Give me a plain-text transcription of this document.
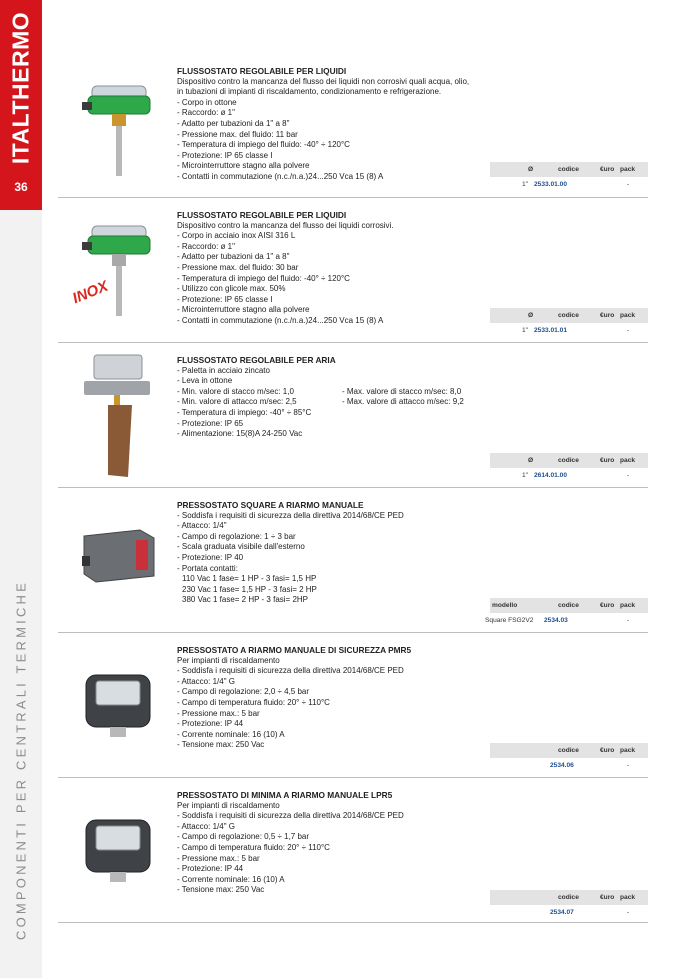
ITALTHERMO
36
COMPONENTI PER CENTRALI TERMICHE
FLUSSOSTATO REGOLABILE PER LIQUIDI
Dispositivo contro la mancanza del flusso dei liquidi non corrosivi quali acqua, olio,
in tubazioni di impianti di riscaldamento, condizionamento e refrigerazione.
- Corpo in ottone
- Raccordo: ø 1"
- Adatto per tubazioni da 1" a 8"
- Pressione max. del fluido: 11 bar
- Temperatura di impiego del fluido: -40° ÷ 120°C
- Protezione: IP 65 classe I
- Microinterruttore stagno alla polvere
- Contatti in commutazione (n.c./n.a.)24...250 Vca 15 (8) A
Ø	codice	€uro pack
1" 2533.01.00	-
INOX
FLUSSOSTATO REGOLABILE PER LIQUIDI
Dispositivo contro la mancanza del flusso dei liquidi corrosivi.
- Corpo in acciaio inox AISI 316 L
- Raccordo: ø 1"
- Adatto per tubazioni da 1" a 8"
- Pressione max. del fluido: 30 bar
- Temperatura di impiego del fluido: -40° ÷ 120°C
- Utilizzo con glicole max. 50%
- Protezione: IP 65 classe I
- Microinterruttore stagno alla polvere
- Contatti in commutazione (n.c./n.a.)24...250 Vca 15 (8) A
Ø	codice	€uro pack
1" 2533.01.01	-
FLUSSOSTATO REGOLABILE PER ARIA
- Paletta in acciaio zincato
- Leva in ottone
- Min. valore di stacco m/sec: 1,0	- Max. valore di stacco m/sec: 8,0
- Min. valore di attacco m/sec: 2,5	- Max. valore di attacco m/sec: 9,2
- Temperatura di impiego: -40° ÷ 85°C
- Protezione: IP 65
- Alimentazione: 15(8)A 24-250 Vac
Ø	codice	€uro pack
1" 2614.01.00	-
PRESSOSTATO SQUARE A RIARMO MANUALE
- Soddisfa i requisiti di sicurezza della direttiva 2014/68/CE PED
- Attacco: 1/4"
- Campo di regolazione: 1 ÷ 3 bar
- Scala graduata visibile dall'esterno
- Protezione: IP 40
- Portata contatti:
110 Vac 1 fase= 1 HP - 3 fasi= 1,5 HP
230 Vac 1 fase= 1,5 HP - 3 fasi= 2 HP
380 Vac 1 fase= 2 HP - 3 fasi= 2HP
modello	codice	€uro pack
Square FSG2V2 2534.03	-
PRESSOSTATO A RIARMO MANUALE DI SICUREZZA PMR5
Per impianti di riscaldamento
- Soddisfa i requisiti di sicurezza della direttiva 2014/68/CE PED
- Attacco: 1/4" G
- Campo di regolazione: 2,0 ÷ 4,5 bar
- Campo di temperatura fluido: 20° ÷ 110°C
- Pressione max.: 5 bar
- Protezione: IP 44
- Corrente nominale: 16 (10) A
- Tensione max: 250 Vac
codice	€uro pack
2534.06	-
PRESSOSTATO DI MINIMA A RIARMO MANUALE LPR5
Per impianti di riscaldamento
- Soddisfa i requisiti di sicurezza della direttiva 2014/68/CE PED
- Attacco: 1/4" G
- Campo di regolazione: 0,5 ÷ 1,7 bar
- Campo di temperatura fluido: 20° ÷ 110°C
- Pressione max.: 5 bar
- Protezione: IP 44
- Corrente nominale: 16 (10) A
- Tensione max: 250 Vac
codice	€uro pack
2534.07	-
